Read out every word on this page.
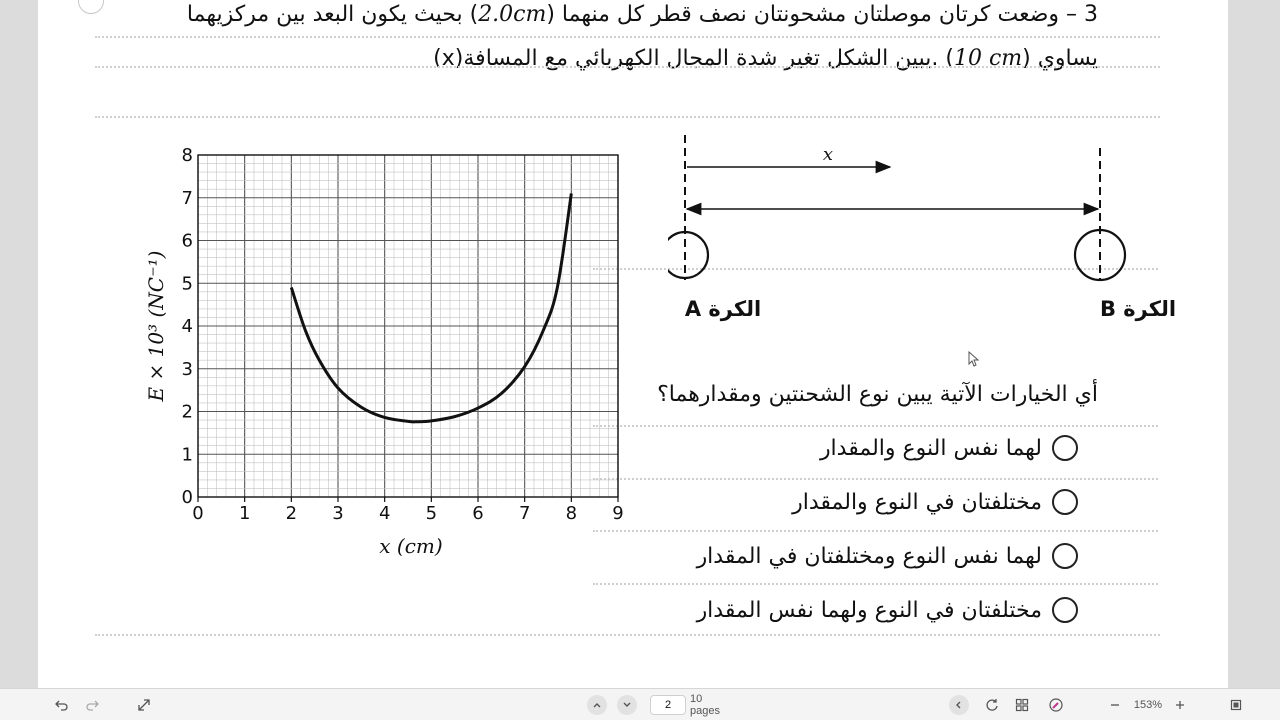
3 – وضعت كرتان موصلتان مشحونتان نصف قطر كل منهما (2.0cm) بحيث يكون البعد بين مركزيهما
يساوي (10 cm) .يبين الشكل تغير شدة المجال الكهربائي مع المسافة(x)
0 1 2 3 4 5 6 7 8 9
0
1
2
3
4
5
6
7
8
x (cm)
E × 10³ (NC⁻¹)
x
الكرة A	الكرة B
أي الخيارات الآتية يبين نوع الشحنتين ومقدارهما؟
لهما نفس النوع والمقدار
مختلفتان في النوع والمقدار
لهما نفس النوع ومختلفتان في المقدار
مختلفتان في النوع ولهما نفس المقدار
2	10 pages	153%
